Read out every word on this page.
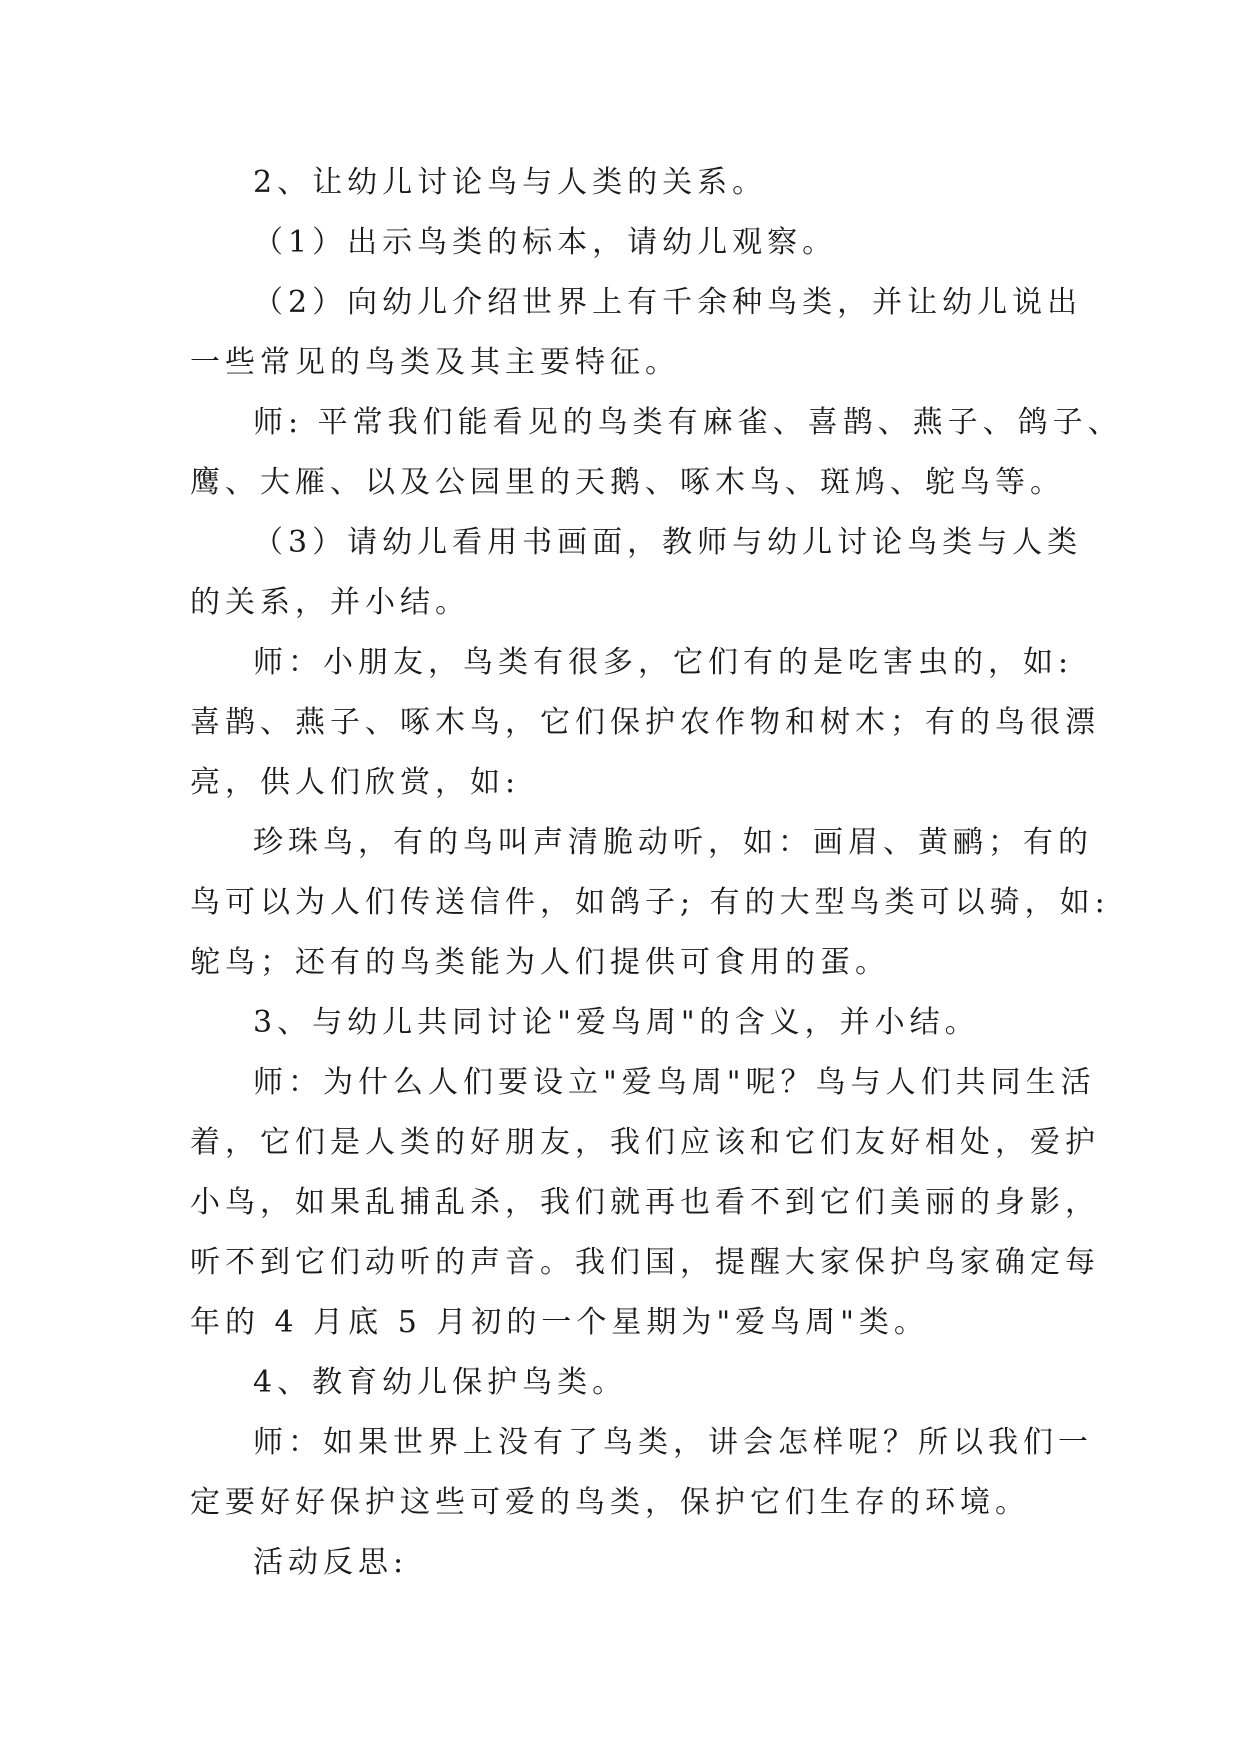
2、让幼儿讨论鸟与人类的关系。
（1）出示鸟类的标本，请幼儿观察。
（2）向幼儿介绍世界上有千余种鸟类，并让幼儿说出
一些常见的鸟类及其主要特征。
师: 平常我们能看见的鸟类有麻雀、喜鹊、燕子、鸽子、
鹰、大雁、以及公园里的天鹅、啄木鸟、斑鸠、鸵鸟等。
（3）请幼儿看用书画面，教师与幼儿讨论鸟类与人类
的关系，并小结。
师：小朋友，鸟类有很多，它们有的是吃害虫的，如:
喜鹊、燕子、啄木鸟，它们保护农作物和树木；有的鸟很漂
亮，供人们欣赏，如:
珍珠鸟，有的鸟叫声清脆动听，如：画眉、黄鹂；有的
鸟可以为人们传送信件，如鸽子; 有的大型鸟类可以骑，如:
鸵鸟；还有的鸟类能为人们提供可食用的蛋。
3、与幼儿共同讨论"爱鸟周"的含义，并小结。
师：为什么人们要设立"爱鸟周"呢？鸟与人们共同生活
着，它们是人类的好朋友，我们应该和它们友好相处，爱护
小鸟，如果乱捕乱杀，我们就再也看不到它们美丽的身影，
听不到它们动听的声音。我们国，提醒大家保护鸟家确定每
年的 4 月底 5 月初的一个星期为"爱鸟周"类。
4、教育幼儿保护鸟类。
师：如果世界上没有了鸟类，讲会怎样呢？所以我们一
定要好好保护这些可爱的鸟类，保护它们生存的环境。
活动反思:
